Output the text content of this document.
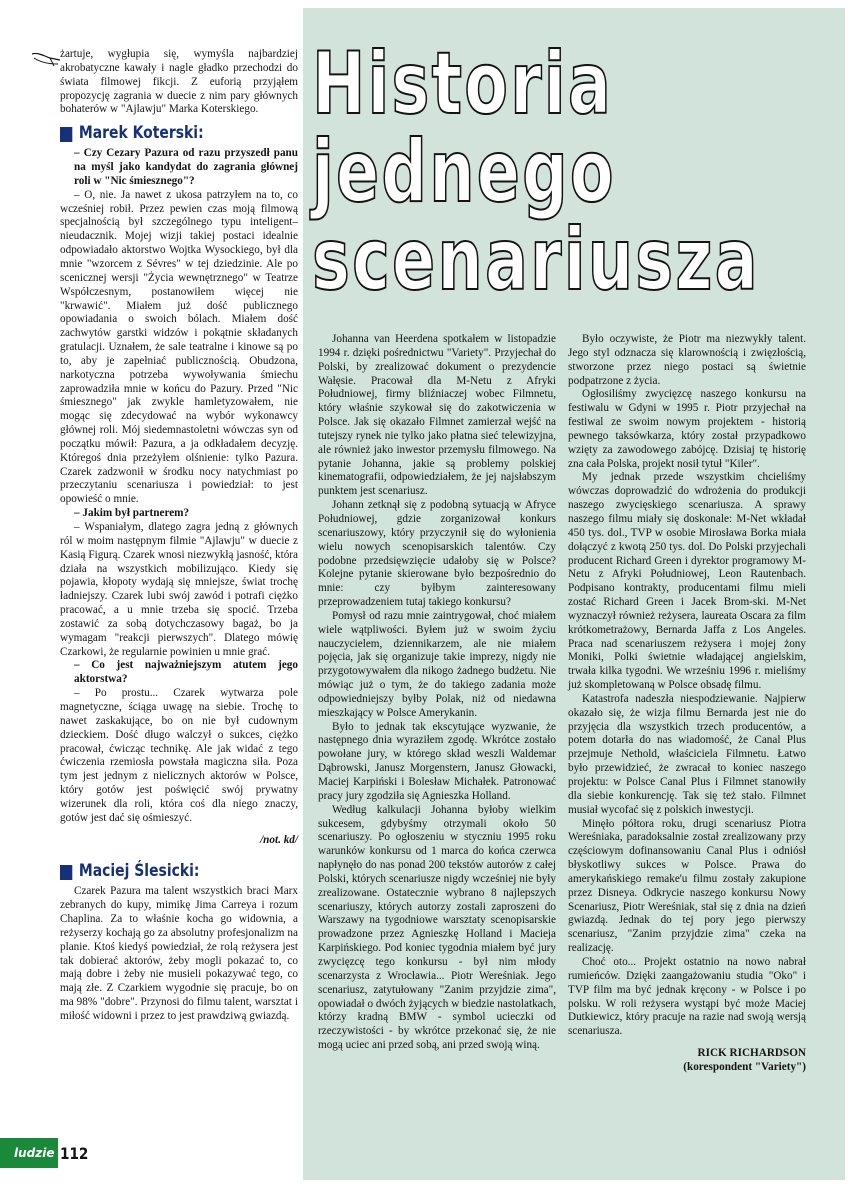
żartuje, wygłupia się, wymyśla najbardziej akrobatyczne kawały i nagle gładko przechodzi do świata filmowej fikcji. Z euforią przyjąłem propozycję zagrania w duecie z nim pary głównych bohaterów w "Ajlawju" Marka Koterskiego.

Marek Koterski:

– Czy Cezary Pazura od razu przyszedł panu na myśl jako kandydat do zagrania głównej roli w "Nic śmiesznego"?

– O, nie. Ja nawet z ukosa patrzyłem na to, co wcześniej robił. Przez pewien czas moją filmową specjalnością był szczególnego typu inteligent–nieudacznik. Mojej wizji takiej postaci idealnie odpowiadało aktorstwo Wojtka Wysockiego, był dla mnie "wzorcem z Sévres" w tej dziedzinie. Ale po scenicznej wersji "Życia wewnętrznego" w Teatrze Współczesnym, postanowiłem więcej nie "krwawić". Miałem już dość publicznego opowiadania o swoich bólach. Miałem dość zachwytów garstki widzów i pokątnie składanych gratulacji. Uznałem, że sale teatralne i kinowe są po to, aby je zapełniać publicznością. Obudzona, narkotyczna potrzeba wywoływania śmiechu zaprowadziła mnie w końcu do Pazury. Przed "Nic śmiesznego" jak zwykle hamletyzowałem, nie mogąc się zdecydować na wybór wykonawcy głównej roli. Mój siedemnastoletni wówczas syn od początku mówił: Pazura, a ja odkładałem decyzję. Któregoś dnia przeżyłem olśnienie: tylko Pazura. Czarek zadzwonił w środku nocy natychmiast po przeczytaniu scenariusza i powiedział: to jest opowieść o mnie.

– Jakim był partnerem?

– Wspaniałym, dlatego zagra jedną z głównych ról w moim następnym filmie "Ajlawju" w duecie z Kasią Figurą. Czarek wnosi niezwykłą jasność, która działa na wszystkich mobilizująco. Kiedy się pojawia, kłopoty wydają się mniejsze, świat trochę ładniejszy. Czarek lubi swój zawód i potrafi ciężko pracować, a u mnie trzeba się spocić. Trzeba zostawić za sobą dotychczasowy bagaż, bo ja wymagam "reakcji pierwszych". Dlatego mówię Czarkowi, że regularnie powinien u mnie grać.

– Co jest najważniejszym atutem jego aktorstwa?

– Po prostu... Czarek wytwarza pole magnetyczne, ściąga uwagę na siebie. Trochę to nawet zaskakujące, bo on nie był cudownym dzieckiem. Dość długo walczył o sukces, ciężko pracował, ćwicząc technikę. Ale jak widać z tego ćwiczenia rzemiosła powstała magiczna siła. Poza tym jest jednym z nielicznych aktorów w Polsce, który gotów jest poświęcić swój prywatny wizerunek dla roli, która coś dla niego znaczy, gotów jest dać się ośmieszyć.

/not. kd/

Maciej Ślesicki:

Czarek Pazura ma talent wszystkich braci Marx zebranych do kupy, mimikę Jima Carreya i rozum Chaplina. Za to właśnie kocha go widownia, a reżyserzy kochają go za absolutny profesjonalizm na planie. Ktoś kiedyś powiedział, że rolą reżysera jest tak dobierać aktorów, żeby mogli pokazać to, co mają dobre i żeby nie musieli pokazywać tego, co mają złe. Z Czarkiem wygodnie się pracuje, bo on ma 98% "dobre". Przynosi do filmu talent, warsztat i miłość widowni i przez to jest prawdziwą gwiazdą.

Historia
jednego
scenariusza

Johanna van Heerdena spotkałem w listopadzie 1994 r. dzięki pośrednictwu "Variety". Przyjechał do Polski, by zrealizować dokument o prezydencie Wałęsie. Pracował dla M-Netu z Afryki Południowej, firmy bliźniaczej wobec Filmnetu, który właśnie szykował się do zakotwiczenia w Polsce. Jak się okazało Filmnet zamierzał wejść na tutejszy rynek nie tylko jako płatna sieć telewizyjna, ale również jako inwestor przemysłu filmowego. Na pytanie Johanna, jakie są problemy polskiej kinematografii, odpowiedziałem, że jej najsłabszym punktem jest scenariusz.

Johann zetknął się z podobną sytuacją w Afryce Południowej, gdzie zorganizował konkurs scenariuszowy, który przyczynił się do wyłonienia wielu nowych scenopisarskich talentów. Czy podobne przedsięwzięcie udałoby się w Polsce? Kolejne pytanie skierowane było bezpośrednio do mnie: czy byłbym zainteresowany przeprowadzeniem tutaj takiego konkursu?

Pomysł od razu mnie zaintrygował, choć miałem wiele wątpliwości. Byłem już w swoim życiu nauczycielem, dziennikarzem, ale nie miałem pojęcia, jak się organizuje takie imprezy, nigdy nie przygotowywałem dla nikogo żadnego budżetu. Nie mówiąc już o tym, że do takiego zadania może odpowiedniejszy byłby Polak, niż od niedawna mieszkający w Polsce Amerykanin.

Było to jednak tak ekscytujące wyzwanie, że następnego dnia wyraziłem zgodę. Wkrótce zostało powołane jury, w którego skład weszli Waldemar Dąbrowski, Janusz Morgenstern, Janusz Głowacki, Maciej Karpiński i Bolesław Michałek. Patronować pracy jury zgodziła się Agnieszka Holland.

Według kalkulacji Johanna byłoby wielkim sukcesem, gdybyśmy otrzymali około 50 scenariuszy. Po ogłoszeniu w styczniu 1995 roku warunków konkursu od 1 marca do końca czerwca napłynęło do nas ponad 200 tekstów autorów z całej Polski, których scenariusze nigdy wcześniej nie były zrealizowane. Ostatecznie wybrano 8 najlepszych scenariuszy, których autorzy zostali zaproszeni do Warszawy na tygodniowe warsztaty scenopisarskie prowadzone przez Agnieszkę Holland i Macieja Karpińskiego. Pod koniec tygodnia miałem być jury zwycięzcę tego konkursu - był nim młody scenarzysta z Wrocławia... Piotr Wereśniak. Jego scenariusz, zatytułowany "Zanim przyjdzie zima", opowiadał o dwóch żyjących w biedzie nastolatkach, którzy kradną BMW - symbol ucieczki od rzeczywistości - by wkrótce przekonać się, że nie mogą uciec ani przed sobą, ani przed swoją winą.

Było oczywiste, że Piotr ma niezwykły talent. Jego styl odznacza się klarownością i zwięzłością, stworzone przez niego postaci są świetnie podpatrzone z życia.

Ogłosiliśmy zwycięzcę naszego konkursu na festiwalu w Gdyni w 1995 r. Piotr przyjechał na festiwal ze swoim nowym projektem - historią pewnego taksówkarza, który został przypadkowo wzięty za zawodowego zabójcę. Dzisiaj tę historię zna cała Polska, projekt nosił tytuł "Kiler".

My jednak przede wszystkim chcieliśmy wówczas doprowadzić do wdrożenia do produkcji naszego zwycięskiego scenariusza. A sprawy naszego filmu miały się doskonale: M-Net wkładał 450 tys. dol., TVP w osobie Mirosława Borka miała dołączyć z kwotą 250 tys. dol. Do Polski przyjechali producent Richard Green i dyrektor programowy M-Netu z Afryki Południowej, Leon Rautenbach. Podpisano kontrakty, producentami filmu mieli zostać Richard Green i Jacek Brom-ski. M-Net wyznaczył również reżysera, laureata Oscara za film krótkometrażowy, Bernarda Jaffa z Los Angeles. Praca nad scenariuszem reżysera i mojej żony Moniki, Polki świetnie władającej angielskim, trwała kilka tygodni. We wrześniu 1996 r. mieliśmy już skompletowaną w Polsce obsadę filmu.

Katastrofa nadeszła niespodziewanie. Najpierw okazało się, że wizja filmu Bernarda jest nie do przyjęcia dla wszystkich trzech producentów, a potem dotarła do nas wiadomość, że Canal Plus przejmuje Nethold, właściciela Filmnetu. Łatwo było przewidzieć, że zwracał to koniec naszego projektu: w Polsce Canal Plus i Filmnet stanowiły dla siebie konkurencję. Tak się też stało. Filmnet musiał wycofać się z polskich inwestycji.

Minęło półtora roku, drugi scenariusz Piotra Wereśniaka, paradoksalnie został zrealizowany przy częściowym dofinansowaniu Canal Plus i odniósł błyskotliwy sukces w Polsce. Prawa do amerykańskiego remake'u filmu zostały zakupione przez Disneya. Odkrycie naszego konkursu Nowy Scenariusz, Piotr Wereśniak, stał się z dnia na dzień gwiazdą. Jednak do tej pory jego pierwszy scenariusz, "Zanim przyjdzie zima" czeka na realizację.

Choć oto... Projekt ostatnio na nowo nabrał rumieńców. Dzięki zaangażowaniu studia "Oko" i TVP film ma być jednak kręcony - w Polsce i po polsku. W roli reżysera wystąpi być może Maciej Dutkiewicz, który pracuje na razie nad swoją wersją scenariusza.

RICK RICHARDSON

(korespondent "Variety")

ludzie 112
